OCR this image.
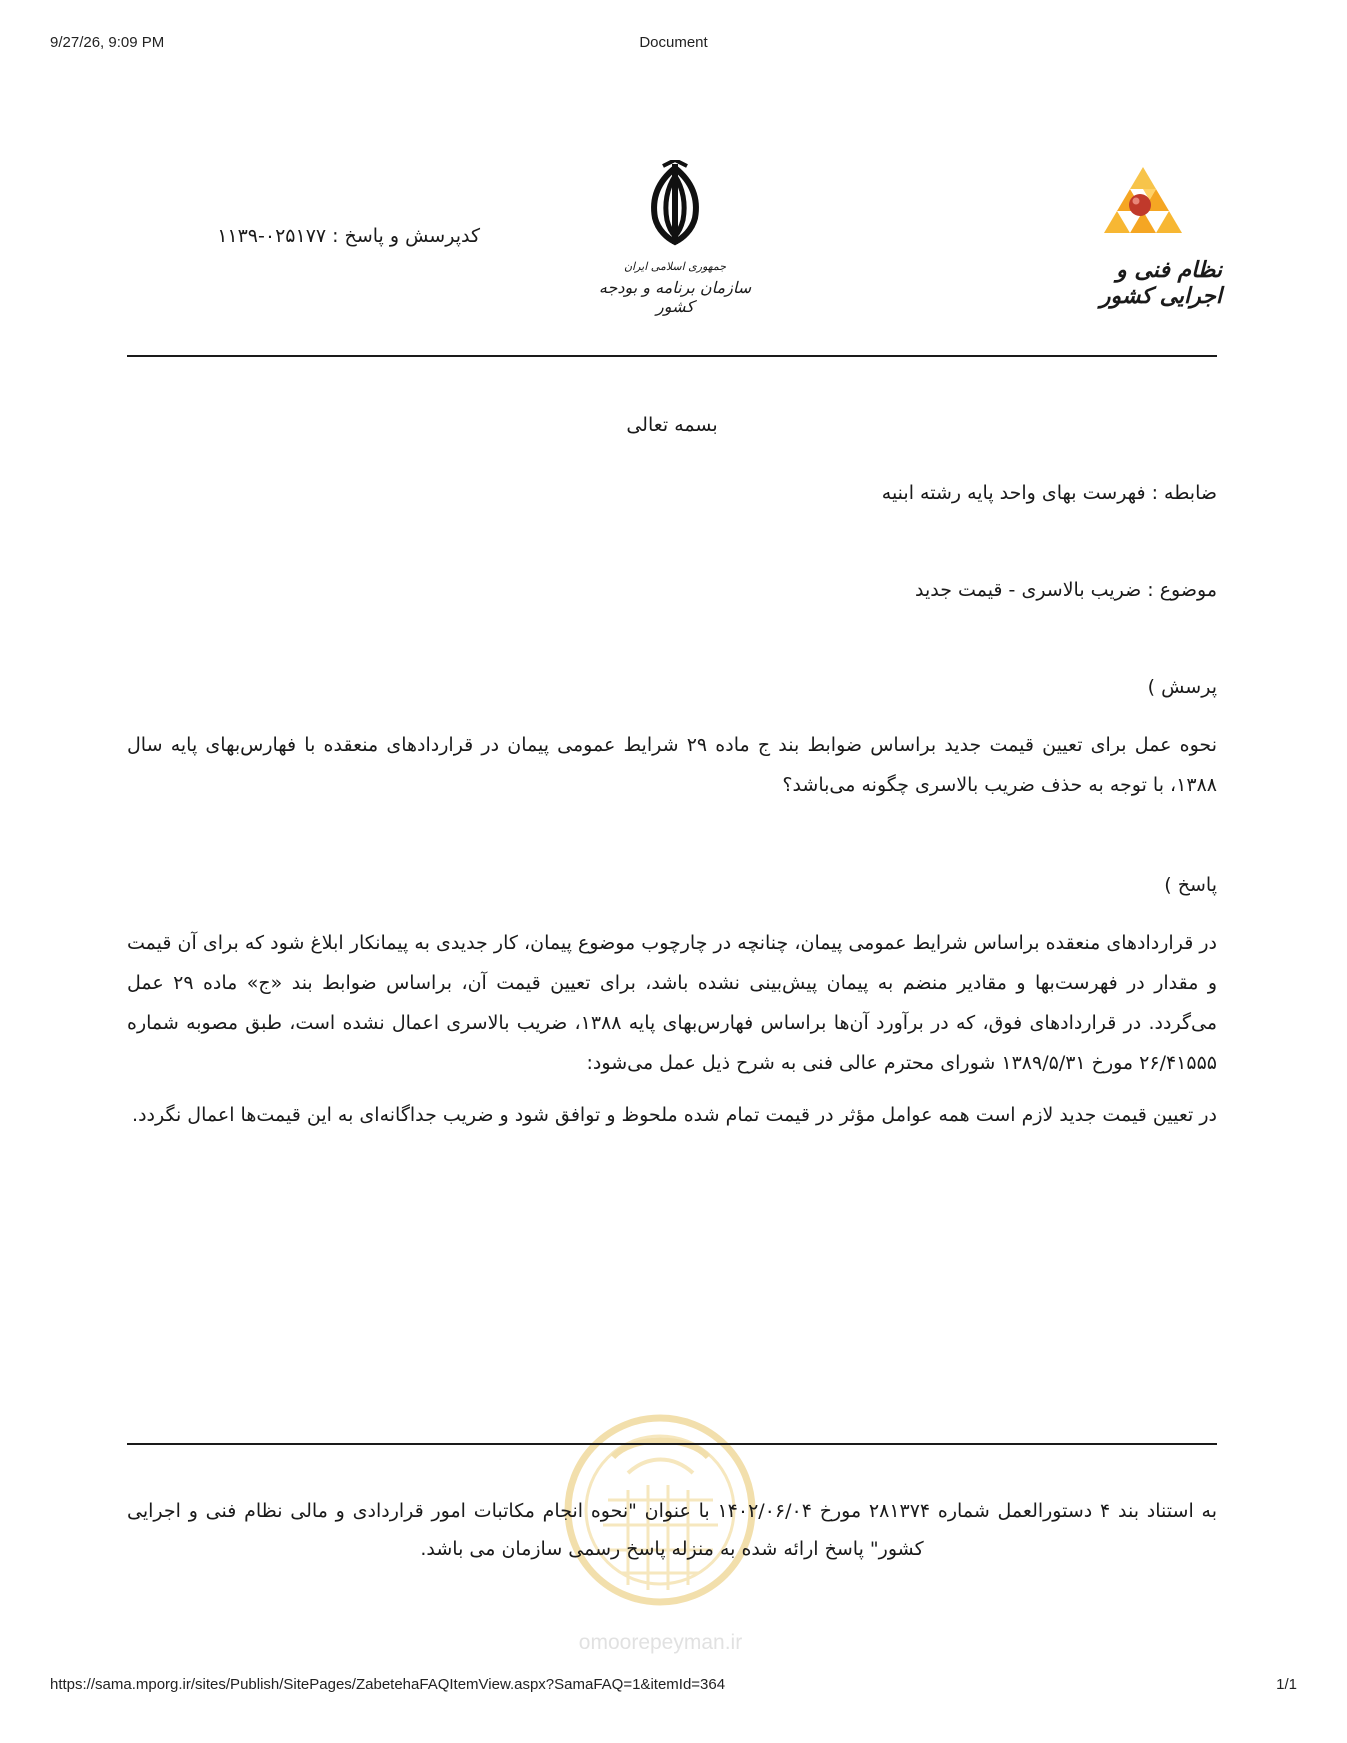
9/27/26, 9:09 PM	Document
کدپرسش و پاسخ :۰۲۵۱۷۷-۱۱۳۹
جمهوری اسلامی ایران
سازمان برنامه و بودجه کشور
نظام فنی و اجرایی کشور

بسمه تعالی

ضابطه : فهرست بهای واحد پایه رشته ابنیه

موضوع : ضریب بالاسری - قیمت جدید

پرسش )

نحوه عمل برای تعیین قیمت جدید براساس ضوابط بند ج ماده ۲۹ شرایط عمومی پیمان در قراردادهای منعقده با فهارس‌بهای پایه سال ۱۳۸۸، با توجه به حذف ضریب بالاسری چگونه می‌باشد؟

پاسخ )

در قراردادهای منعقده براساس شرایط عمومی پیمان، چنانچه در چارچوب موضوع پیمان، کار جدیدی به پیمانکار ابلاغ شود که برای آن قیمت و مقدار در فهرست‌بها و مقادیر منضم به پیمان پیش‌بینی نشده باشد، برای تعیین قیمت آن، براساس ضوابط بند «ج» ماده ۲۹ عمل می‌گردد. در قراردادهای فوق، که در برآورد آن‌ها براساس فهارس‌بهای پایه ۱۳۸۸، ضریب بالاسری اعمال نشده است، طبق مصوبه شماره ۲۶/۴۱۵۵۵ مورخ ۱۳۸۹/۵/۳۱ شورای محترم عالی فنی به شرح ذیل عمل می‌شود:

در تعیین قیمت جدید لازم است همه عوامل مؤثر در قیمت تمام شده ملحوظ و توافق شود و ضریب جداگانه‌ای به این قیمت‌ها اعمال نگردد.

omoorepeyman.ir

به استناد بند ۴ دستورالعمل شماره ۲۸۱۳۷۴ مورخ ۱۴۰۲/۰۶/۰۴ با عنوان "نحوه انجام مکاتبات امور قراردادی و مالی نظام فنی و اجرایی کشور" پاسخ ارائه شده به منزله پاسخ رسمی سازمان می باشد.

https://sama.mporg.ir/sites/Publish/SitePages/ZabetehaFAQItemView.aspx?SamaFAQ=1&itemId=364	1/1
